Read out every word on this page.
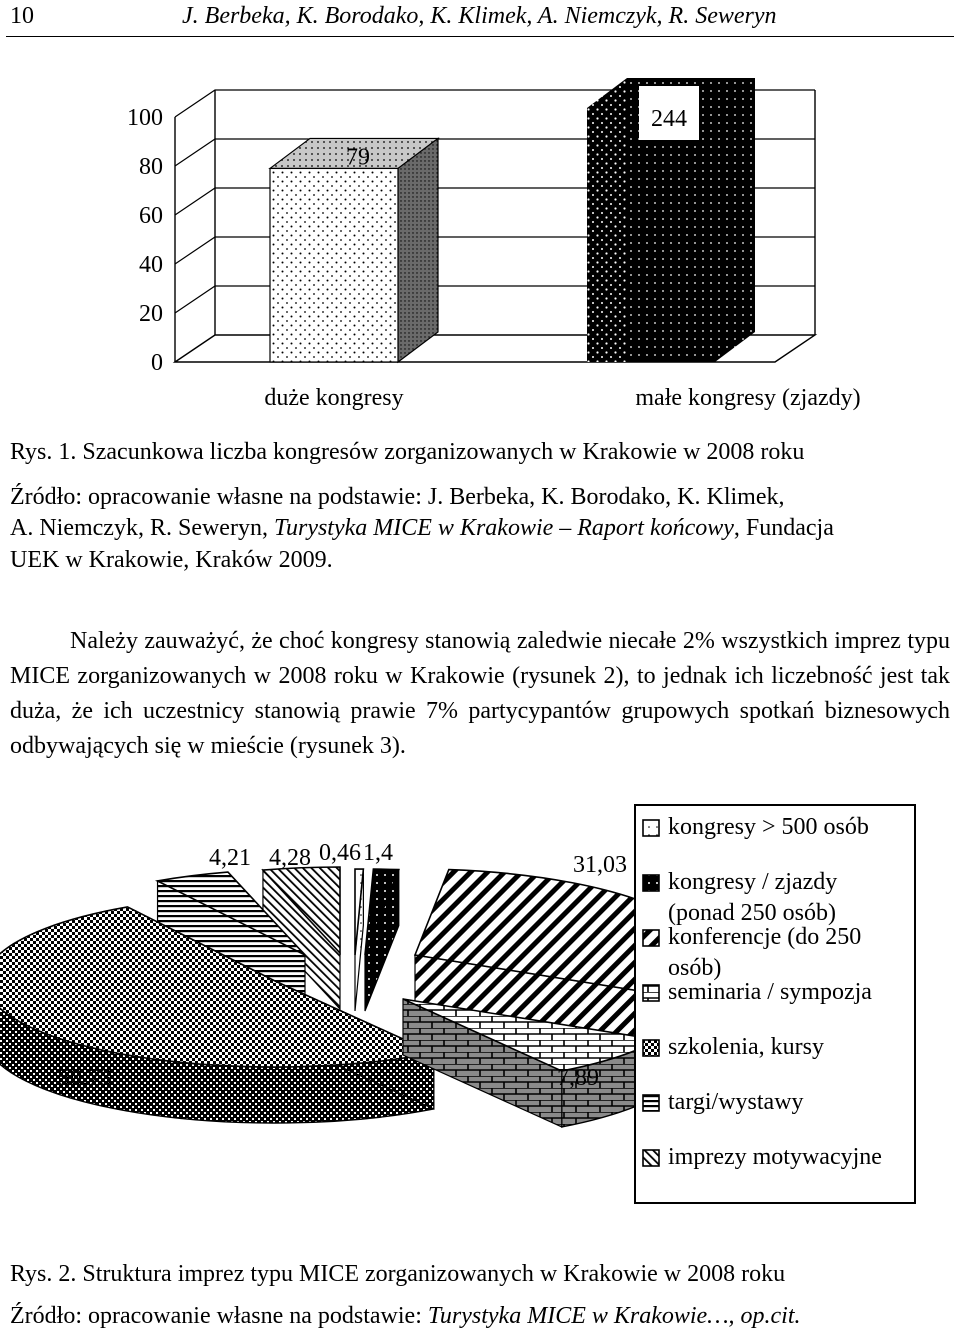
10	J. Berbeka, K. Borodako, K. Klimek, A. Niemczyk, R. Seweryn
0
20
40
60
80
100
79
244
duże kongresy	małe kongresy (zjazdy)
Rys. 1. Szacunkowa liczba kongresów zorganizowanych w Krakowie w 2008 roku
Źródło: opracowanie własne na podstawie: J. Berbeka, K. Borodako, K. Klimek,
A. Niemczyk, R. Seweryn, Turystyka MICE w Krakowie – Raport końcowy, Fundacja
UEK w Krakowie, Kraków 2009.

Należy zauważyć, że choć kongresy stanowią zaledwie niecałe 2% wszystkich imprez typu MICE zorganizowanych w 2008 roku w Krakowie (rysunek 2), to jednak ich liczebność jest tak duża, że ich uczestnicy stanowią prawie 7% partycypantów grupowych spotkań biznesowych odbywających się w mieście (rysunek 3).

0,46 1,4	31,03
7,89
50,73
4,21 4,28
kongresy > 500 osób
kongresy / zjazdy
(ponad 250 osób)
konferencje (do 250
osób)
seminaria / sympozja
szkolenia, kursy
targi/wystawy
imprezy motywacyjne
Rys. 2. Struktura imprez typu MICE zorganizowanych w Krakowie w 2008 roku
Źródło: opracowanie własne na podstawie: Turystyka MICE w Krakowie…, op.cit.
